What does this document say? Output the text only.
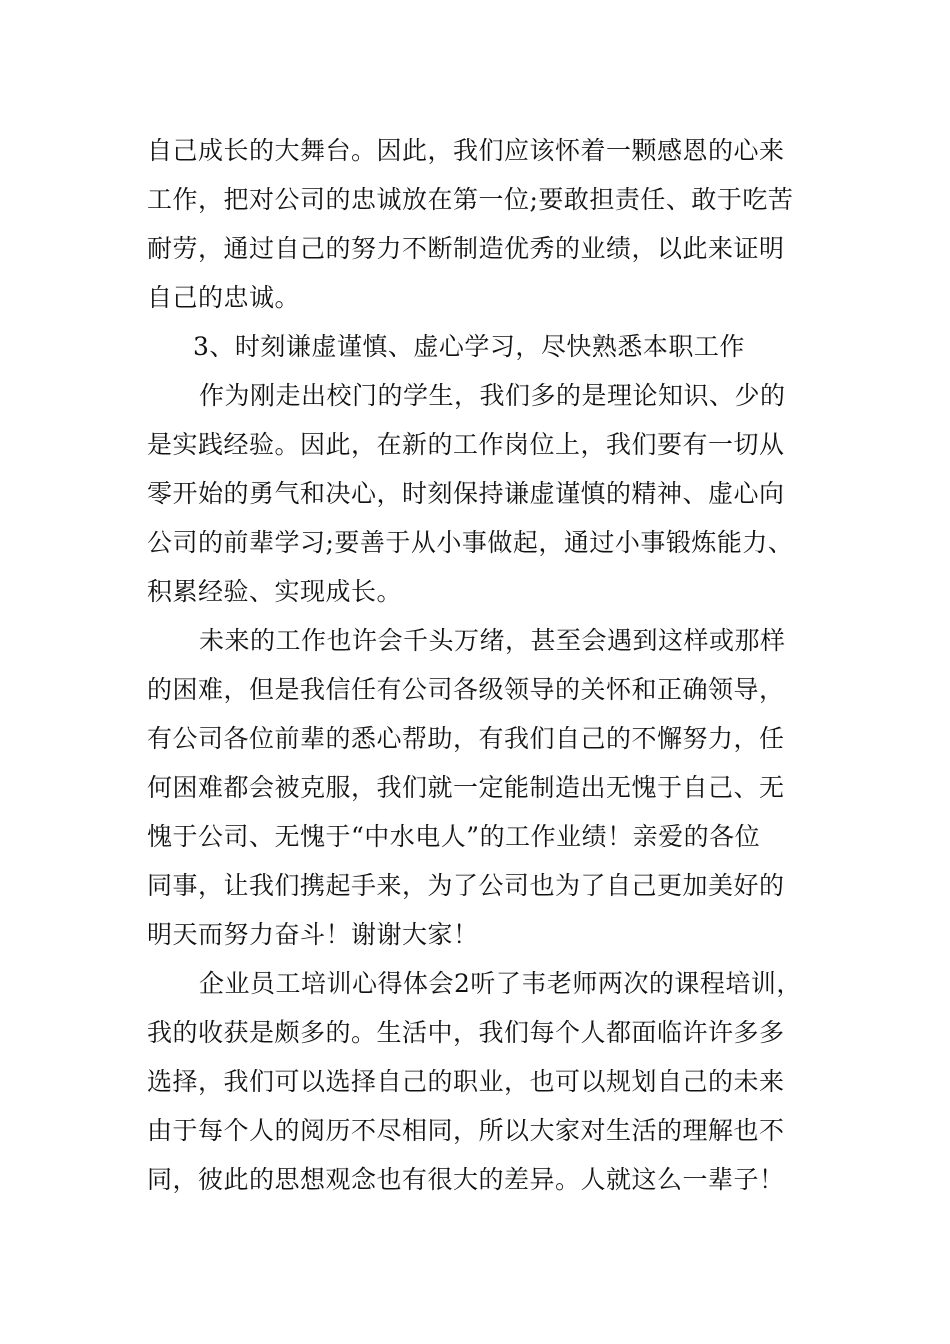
自己成长的大舞台。因此，我们应该怀着一颗感恩的心来
工作，把对公司的忠诚放在第一位;要敢担责任、敢于吃苦
耐劳，通过自己的努力不断制造优秀的业绩，以此来证明
自己的忠诚。
3、时刻谦虚谨慎、虚心学习，尽快熟悉本职工作
作为刚走出校门的学生，我们多的是理论知识、少的
是实践经验。因此，在新的工作岗位上，我们要有一切从
零开始的勇气和决心，时刻保持谦虚谨慎的精神、虚心向
公司的前辈学习;要善于从小事做起，通过小事锻炼能力、
积累经验、实现成长。
未来的工作也许会千头万绪，甚至会遇到这样或那样
的困难，但是我信任有公司各级领导的关怀和正确领导，
有公司各位前辈的悉心帮助，有我们自己的不懈努力，任
何困难都会被克服，我们就一定能制造出无愧于自己、无
愧于公司、无愧于“中水电人”的工作业绩！亲爱的各位
同事，让我们携起手来，为了公司也为了自己更加美好的
明天而努力奋斗！谢谢大家！
企业员工培训心得体会2听了韦老师两次的课程培训，
我的收获是颇多的。生活中，我们每个人都面临许许多多
选择，我们可以选择自己的职业，也可以规划自己的未来
由于每个人的阅历不尽相同，所以大家对生活的理解也不
同，彼此的思想观念也有很大的差异。人就这么一辈子！
